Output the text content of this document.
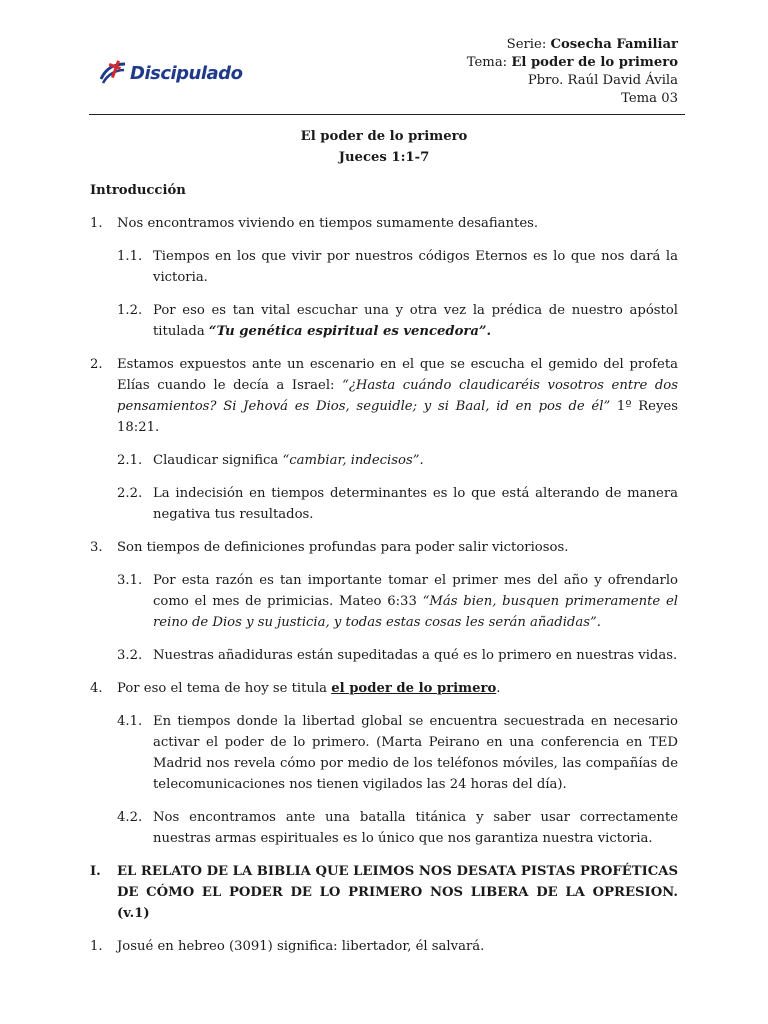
Discipulado
Serie: Cosecha Familiar
Tema: El poder de lo primero
Pbro. Raúl David Ávila
Tema 03

El poder de lo primero

Jueces 1:1-7

Introducción

1.	Nos encontramos viviendo en tiempos sumamente desafiantes.
1.1. Tiempos en los que vivir por nuestros códigos Eternos es lo que nos dará la victoria.
1.2. Por eso es tan vital escuchar una y otra vez la prédica de nuestro apóstol titulada “Tu genética espiritual es vencedora”.
2.	Estamos expuestos ante un escenario en el que se escucha el gemido del profeta Elías cuando le decía a Israel: “¿Hasta cuándo claudicaréis vosotros entre dos pensamientos? Si Jehová es Dios, seguidle; y si Baal, id en pos de él” 1º Reyes 18:21.
2.1. Claudicar significa “cambiar, indecisos”.
2.2. La indecisión en tiempos determinantes es lo que está alterando de manera negativa tus resultados.
3.	Son tiempos de definiciones profundas para poder salir victoriosos.
3.1. Por esta razón es tan importante tomar el primer mes del año y ofrendarlo como el mes de primicias. Mateo 6:33 “Más bien, busquen primeramente el reino de Dios y su justicia, y todas estas cosas les serán añadidas”.
3.2. Nuestras añadiduras están supeditadas a qué es lo primero en nuestras vidas.
4.	Por eso el tema de hoy se titula el poder de lo primero.
4.1. En tiempos donde la libertad global se encuentra secuestrada en necesario activar el poder de lo primero. (Marta Peirano en una conferencia en TED Madrid nos revela cómo por medio de los teléfonos móviles, las compañías de telecomunicaciones nos tienen vigilados las 24 horas del día).
4.2. Nos encontramos ante una batalla titánica y saber usar correctamente nuestras armas espirituales es lo único que nos garantiza nuestra victoria.
I.	EL RELATO DE LA BIBLIA QUE LEIMOS NOS DESATA PISTAS PROFÉTICAS DE CÓMO EL PODER DE LO PRIMERO NOS LIBERA DE LA OPRESION. (v.1)
1.	Josué en hebreo (3091) significa: libertador, él salvará.
